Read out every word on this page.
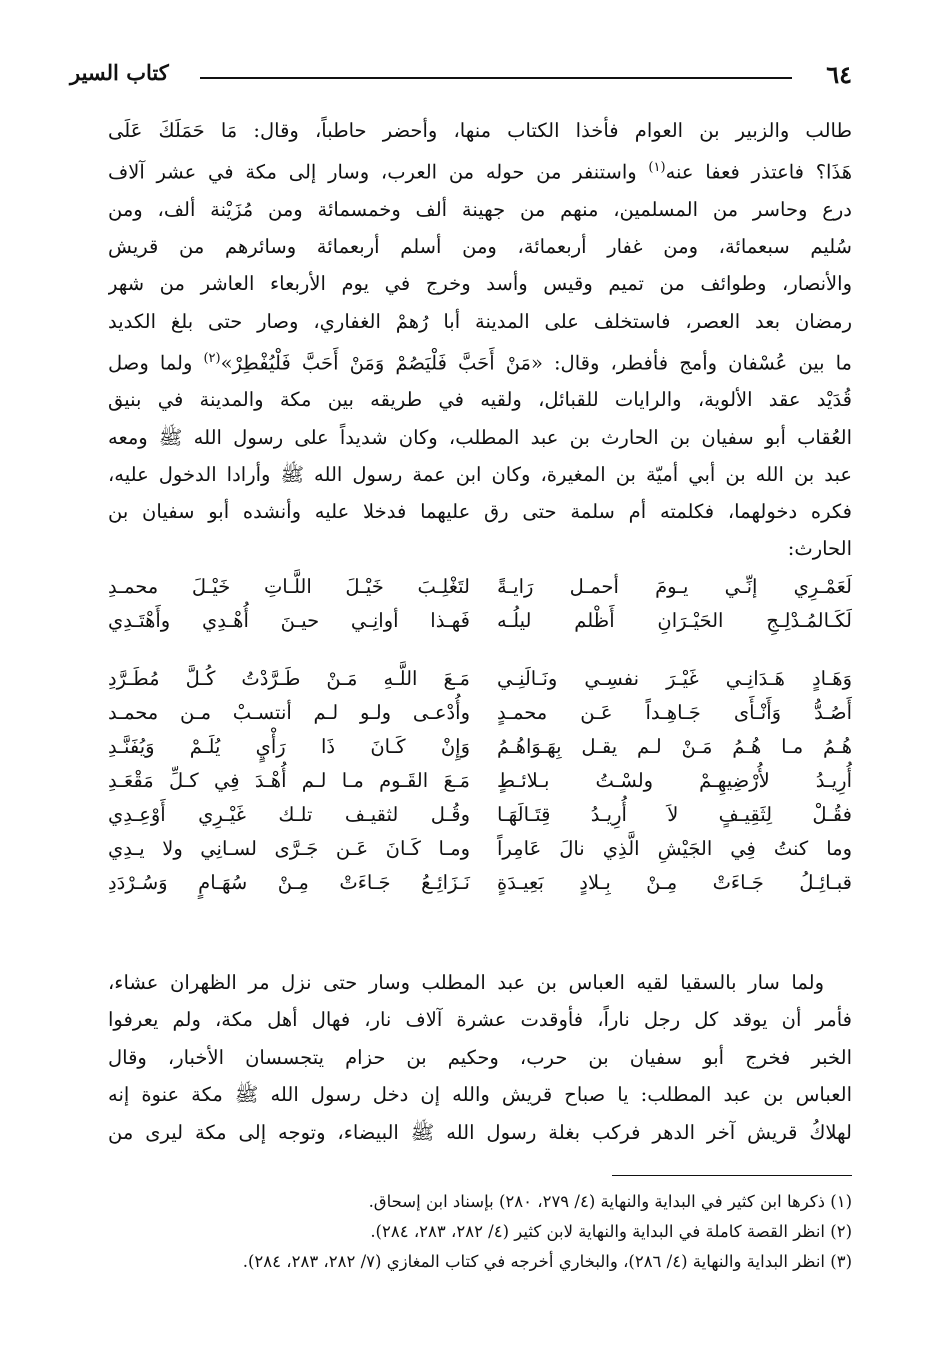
٦٤
كتاب السير
طالب والزبير بن العوام فأخذا الكتاب منها، وأحضر حاطباً، وقال: مَا حَمَلَكَ عَلَى
هَذَا؟ فاعتذر فعفا عنه$^{(١)}$ واستنفر من حوله من العرب، وسار إلى مكة في عشر آلاف
درع وحاسر من المسلمين، منهم من جهينة ألف وخمسمائة ومن مُزَيْنة ألف، ومن
سُليم سبعمائة، ومن غفار أربعمائة، ومن أسلم أربعمائة وسائرهم من قريش
والأنصار، وطوائف من تميم وقيس وأسد وخرج في يوم الأربعاء العاشر من شهر
رمضان بعد العصر، فاستخلف على المدينة أبا رُهمْ الغفاري، وصار حتى بلغ الكديد
ما بين عُسْفان وأمج فأفطر، وقال: «مَنْ أَحَبَّ فَلْيَصُمْ وَمَنْ أَحَبَّ فَلْيُفْطِرْ»$^{(٢)}$ ولما وصل
قُدَيْد عقد الألوية، والرايات للقبائل، ولقيه في طريقه بين مكة والمدينة في بنيق
العُقاب أبو سفيان بن الحارث بن عبد المطلب، وكان شديداً على رسول الله ﷺ ومعه
عبد بن الله بن أبي أميّة بن المغيرة، وكان ابن عمة رسول الله ﷺ وأرادا الدخول عليه،
فكره دخولهما، فكلمته أم سلمة حتى رق عليهما فدخلا عليه وأنشده أبو سفيان بن
الحارث:
لَعَمْـرِي إنِّـي يـومَ أحمـل رَايـةً
لتَغْلِـبَ خَيْـلَ اللَّـاتِ خَيْـلَ محمـدِ
لَكَـالمُـدْلِـجِ الحَيْـرَانِ أَظْلم ليلُـه
فَهـذا أوانِـي حيـنَ أُهْـدِي وأَهْتَـدِي
وَهَـادٍ هَـدَانِـي غَيْـرَ نفسِـي ونَـالَنِـي
مَـعَ اللَّـهِ مَـنْ طَـرَّدْتُ كُـلَّ مُطَـرَّدِ
أَصُـدُّ وَأَنْـأَى جَـاهِـداً عَـن محمـدٍ
وأُدْعـى ولـو لـم أنتسـبْ مـن محمـد
هُـمُ مـا هُـمُ مَـنْ لـم يقـل بِهَـوَاهُـمُ
وَإِنْ كَـانَ ذَا رَأْيٍ يُلَـمْ وَيُفَنَّـدِ
أُرِيـدُ لأُرْضِيهِـمْ ولسْـتُ بـلائـطٍ
مَـعَ القَـوم مـا لـم أُهْـدَ فِي كـلِّ مَقْعَـدِ
فقُـلْ لِثَقِيـفٍ لاَ أُرِيـدُ قِتَـالَهَـا
وقُـل لثقيـف تلـك غَيْـرِي أَوْعِـدِي
وما كنتُ فِي الجَيْشِ الَّذِي نالَ عَامِراً
ومـا كَـانَ عَـن جَـرَّى لسـانِي ولا يـدِي
قبـائِـلُ جَـاءَتْ مِـنْ بِـلادٍ بَعِيـدَةٍ
نَـزَائِـعُ جَـاءَتْ مِـنْ سُهَـامٍ وَسُـرْدَدِ
ولما سار بالسقيا لقيه العباس بن عبد المطلب وسار حتى نزل مر الظهران عشاء،
فأمر أن يوقد كل رجل ناراً، فأوقدت عشرة آلاف نار، فهال أهل مكة، ولم يعرفوا
الخبر فخرج أبو سفيان بن حرب، وحكيم بن حزام يتجسسان الأخبار، وقال
العباس بن عبد المطلب: يا صباح قريش والله إن دخل رسول الله ﷺ مكة عنوة إنه
لهلاكُ قريش آخر الدهر فركب بغلة رسول الله ﷺ البيضاء، وتوجه إلى مكة ليرى من
(١) ذكرها ابن كثير في البداية والنهاية (٤/ ٢٧٩، ٢٨٠) بإسناد ابن إسحاق.
(٢) انظر القصة كاملة في البداية والنهاية لابن كثير (٤/ ٢٨٢، ٢٨٣، ٢٨٤).
(٣) انظر البداية والنهاية (٤/ ٢٨٦)، والبخاري أخرجه في كتاب المغازي (٧/ ٢٨٢، ٢٨٣، ٢٨٤).
